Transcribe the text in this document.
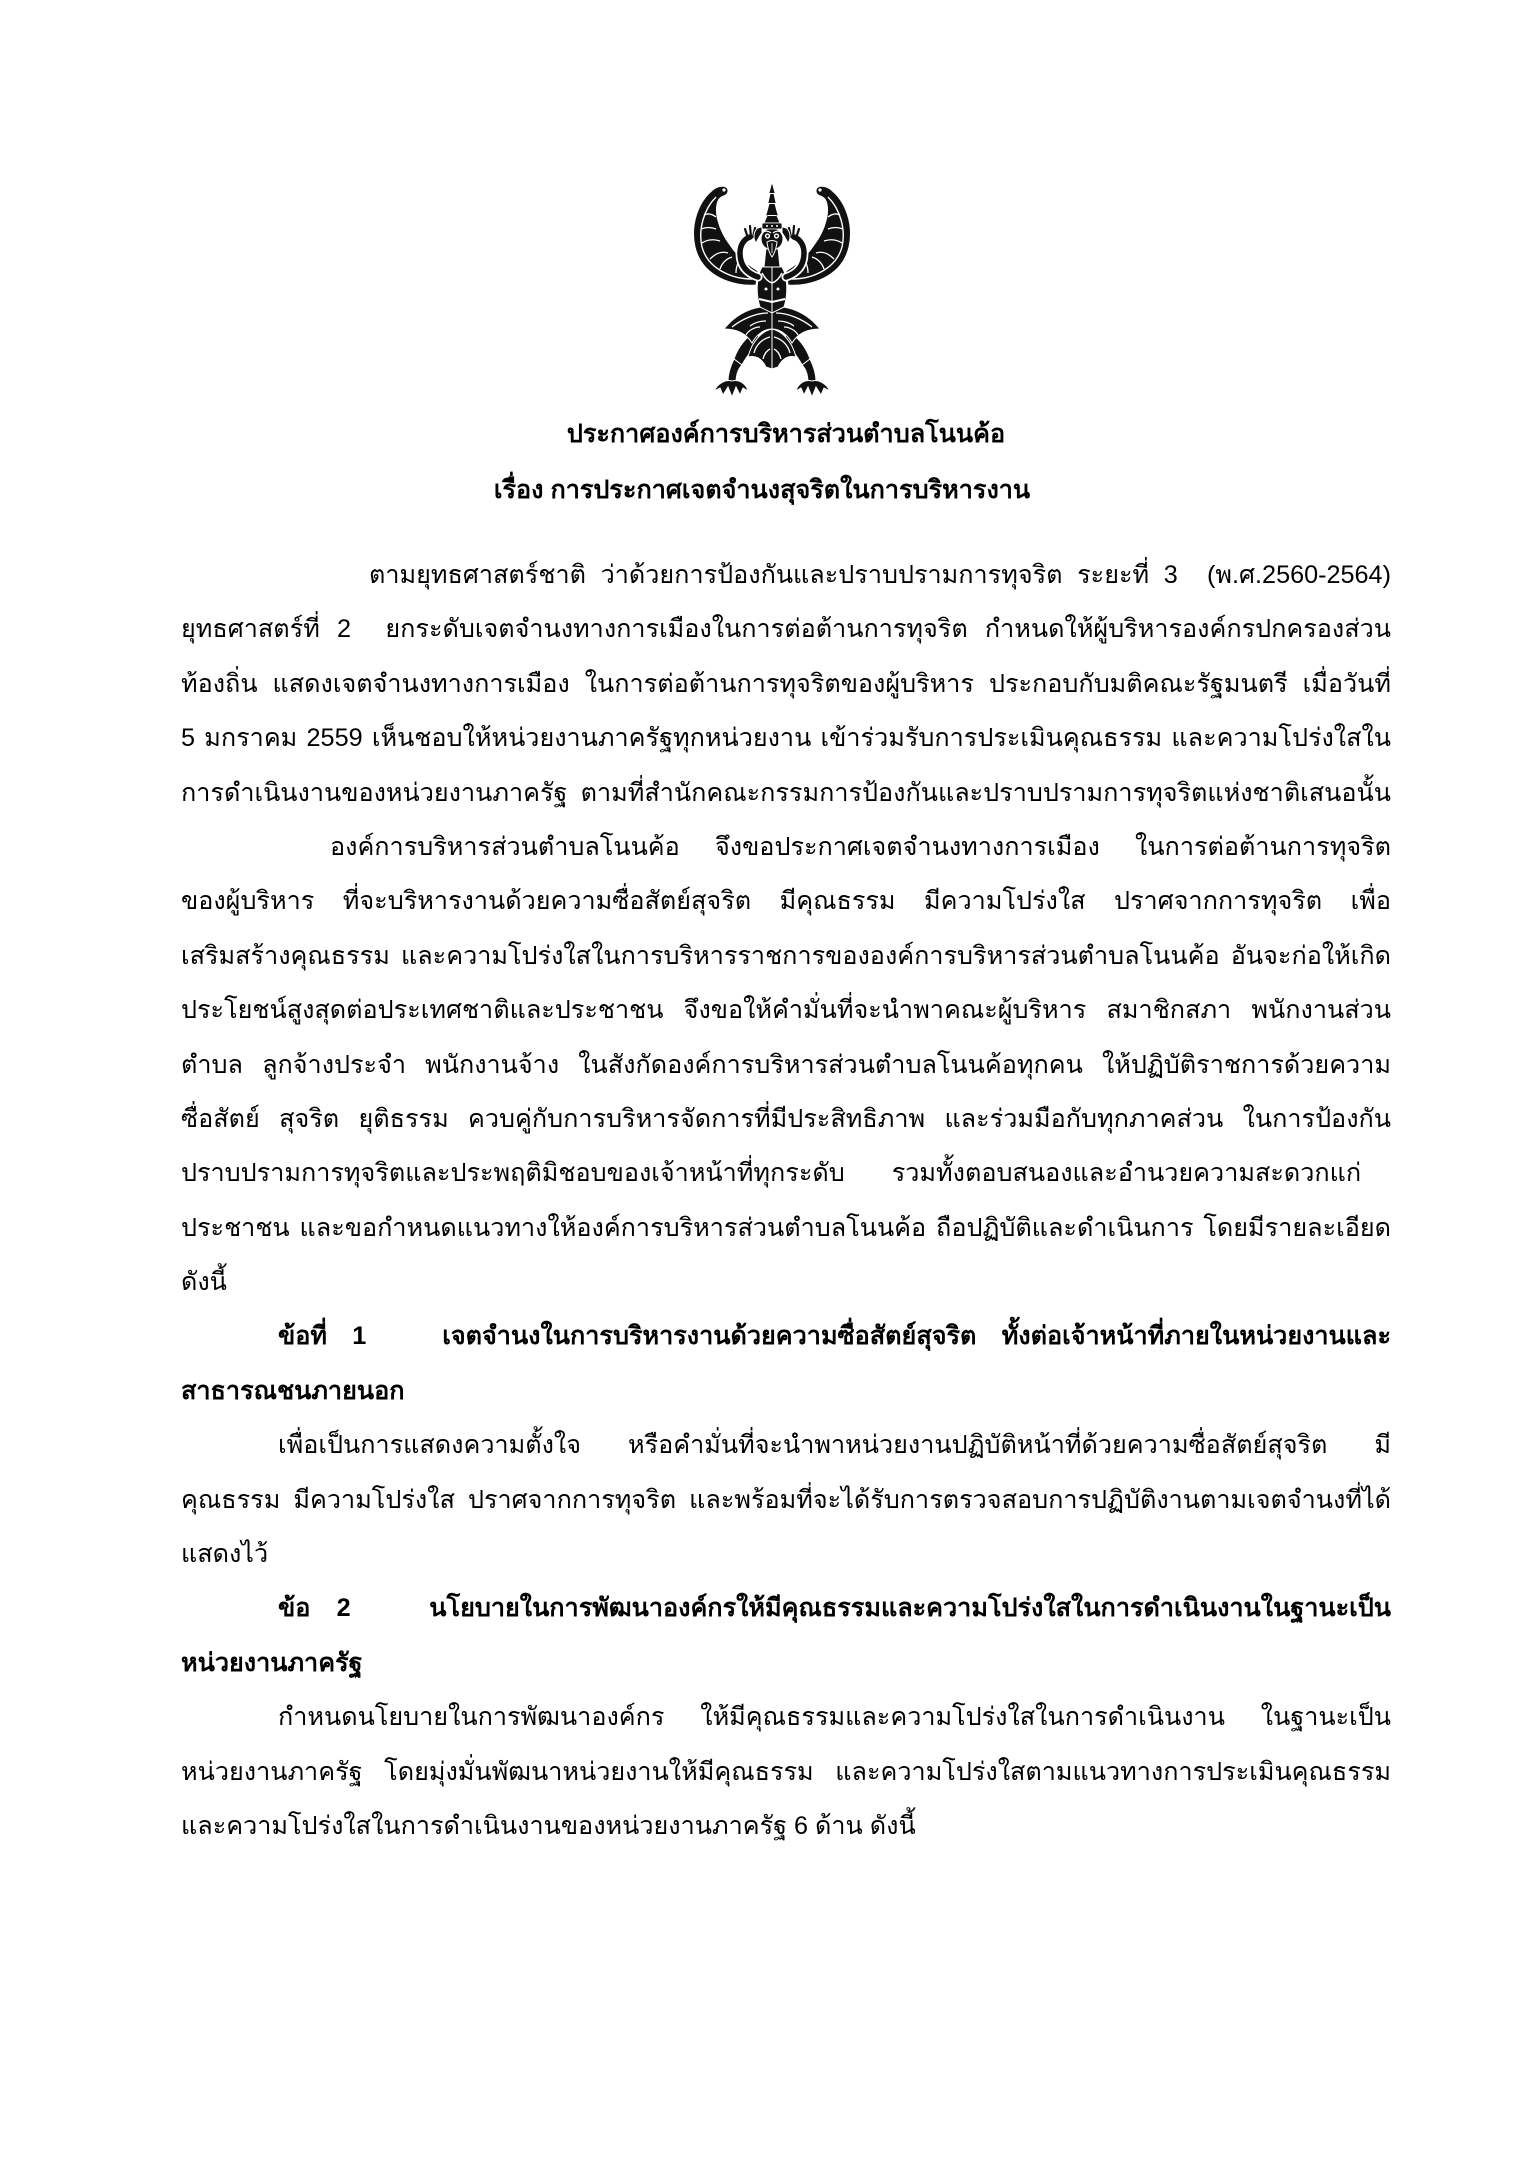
ประกาศองค์การบริหารส่วนตำบลโนนค้อ
เรื่อง การประกาศเจตจำนงสุจริตในการบริหารงาน
ตามยุทธศาสตร์ชาติ ว่าด้วยการป้องกันและปราบปรามการทุจริต ระยะที่ 3  (พ.ศ.2560-2564)
ยุทธศาสตร์ที่ 2  ยกระดับเจตจำนงทางการเมืองในการต่อต้านการทุจริต กำหนดให้ผู้บริหารองค์กรปกครองส่วน
ท้องถิ่น แสดงเจตจำนงทางการเมือง ในการต่อต้านการทุจริตของผู้บริหาร ประกอบกับมติคณะรัฐมนตรี เมื่อวันที่
5 มกราคม 2559 เห็นชอบให้หน่วยงานภาครัฐทุกหน่วยงาน เข้าร่วมรับการประเมินคุณธรรม และความโปร่งใสใน
การดำเนินงานของหน่วยงานภาครัฐ ตามที่สำนักคณะกรรมการป้องกันและปราบปรามการทุจริตแห่งชาติเสนอนั้น
องค์การบริหารส่วนตำบลโนนค้อ จึงขอประกาศเจตจำนงทางการเมือง ในการต่อต้านการทุจริต
ของผู้บริหาร ที่จะบริหารงานด้วยความซื่อสัตย์สุจริต มีคุณธรรม มีความโปร่งใส ปราศจากการทุจริต เพื่อ
เสริมสร้างคุณธรรม และความโปร่งใสในการบริหารราชการขององค์การบริหารส่วนตำบลโนนค้อ อันจะก่อให้เกิด
ประโยชน์สูงสุดต่อประเทศชาติและประชาชน จึงขอให้คำมั่นที่จะนำพาคณะผู้บริหาร สมาชิกสภา พนักงานส่วน
ตำบล ลูกจ้างประจำ พนักงานจ้าง ในสังกัดองค์การบริหารส่วนตำบลโนนค้อทุกคน ให้ปฏิบัติราชการด้วยความ
ซื่อสัตย์ สุจริต ยุติธรรม ควบคู่กับการบริหารจัดการที่มีประสิทธิภาพ และร่วมมือกับทุกภาคส่วน ในการป้องกัน
ปราบปรามการทุจริตและประพฤติมิชอบของเจ้าหน้าที่ทุกระดับ รวมทั้งตอบสนองและอำนวยความสะดวกแก่
ประชาชน และขอกำหนดแนวทางให้องค์การบริหารส่วนตำบลโนนค้อ ถือปฏิบัติและดำเนินการ โดยมีรายละเอียด
ดังนี้
ข้อที่ 1   เจตจำนงในการบริหารงานด้วยความซื่อสัตย์สุจริต ทั้งต่อเจ้าหน้าที่ภายในหน่วยงานและ
สาธารณชนภายนอก
เพื่อเป็นการแสดงความตั้งใจ หรือคำมั่นที่จะนำพาหน่วยงานปฏิบัติหน้าที่ด้วยความซื่อสัตย์สุจริต มี
คุณธรรม มีความโปร่งใส ปราศจากการทุจริต และพร้อมที่จะได้รับการตรวจสอบการปฏิบัติงานตามเจตจำนงที่ได้
แสดงไว้
ข้อ 2   นโยบายในการพัฒนาองค์กรให้มีคุณธรรมและความโปร่งใสในการดำเนินงานในฐานะเป็น
หน่วยงานภาครัฐ
กำหนดนโยบายในการพัฒนาองค์กร ให้มีคุณธรรมและความโปร่งใสในการดำเนินงาน ในฐานะเป็น
หน่วยงานภาครัฐ โดยมุ่งมั่นพัฒนาหน่วยงานให้มีคุณธรรม และความโปร่งใสตามแนวทางการประเมินคุณธรรม
และความโปร่งใสในการดำเนินงานของหน่วยงานภาครัฐ 6 ด้าน ดังนี้
